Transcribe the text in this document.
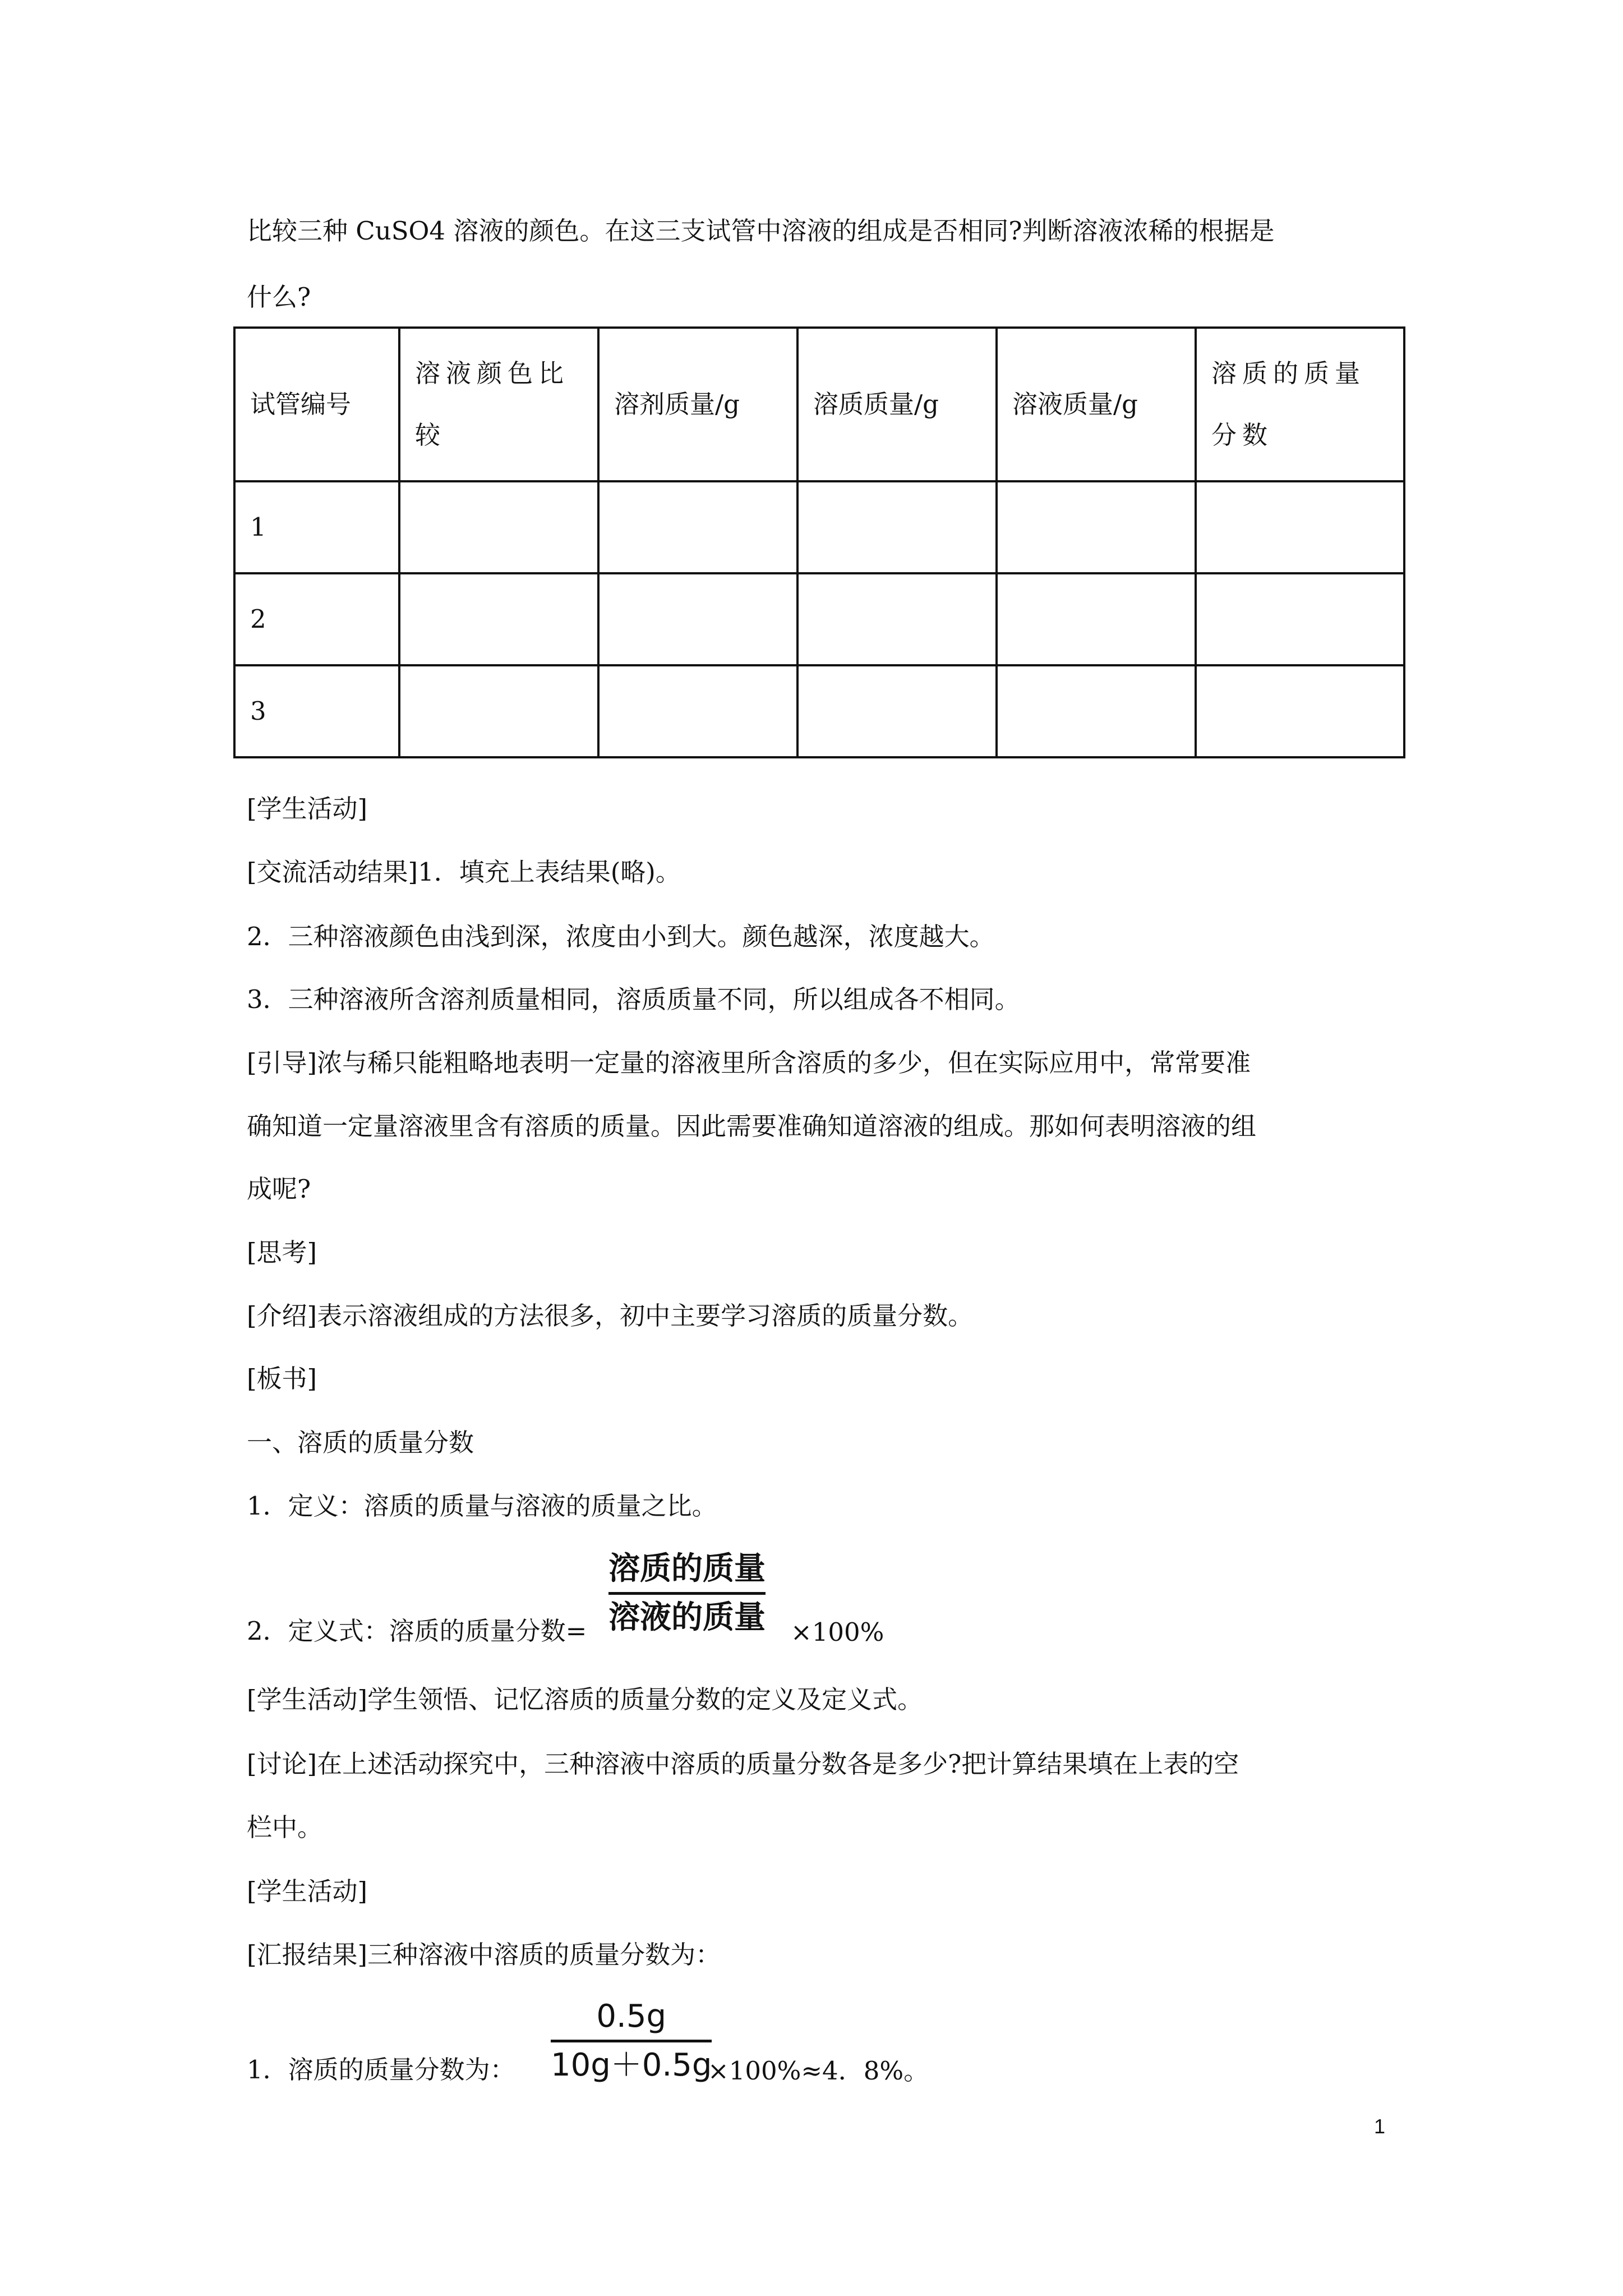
比较三种 CuSO4 溶液的颜色。在这三支试管中溶液的组成是否相同?判断溶液浓稀的根据是
什么?
试管编号	溶液颜色比较	溶剂质量/g	溶质质量/g	溶液质量/g	溶质的质量分数
1					
2					
3					
[学生活动]
[交流活动结果]1．填充上表结果(略)。
2．三种溶液颜色由浅到深，浓度由小到大。颜色越深，浓度越大。
3．三种溶液所含溶剂质量相同，溶质质量不同，所以组成各不相同。
[引导]浓与稀只能粗略地表明一定量的溶液里所含溶质的多少，但在实际应用中，常常要准
确知道一定量溶液里含有溶质的质量。因此需要准确知道溶液的组成。那如何表明溶液的组
成呢?
[思考]
[介绍]表示溶液组成的方法很多，初中主要学习溶质的质量分数。
[板书]
一、溶质的质量分数
1．定义：溶质的质量与溶液的质量之比。
2．定义式：溶质的质量分数=
溶质的质量
溶液的质量 ×100%
[学生活动]学生领悟、记忆溶质的质量分数的定义及定义式。
[讨论]在上述活动探究中，三种溶液中溶质的质量分数各是多少?把计算结果填在上表的空
栏中。
[学生活动]
[汇报结果]三种溶液中溶质的质量分数为：
1．溶质的质量分数为：
0.5g
10g＋0.5g
×100%≈4．8%。
1
